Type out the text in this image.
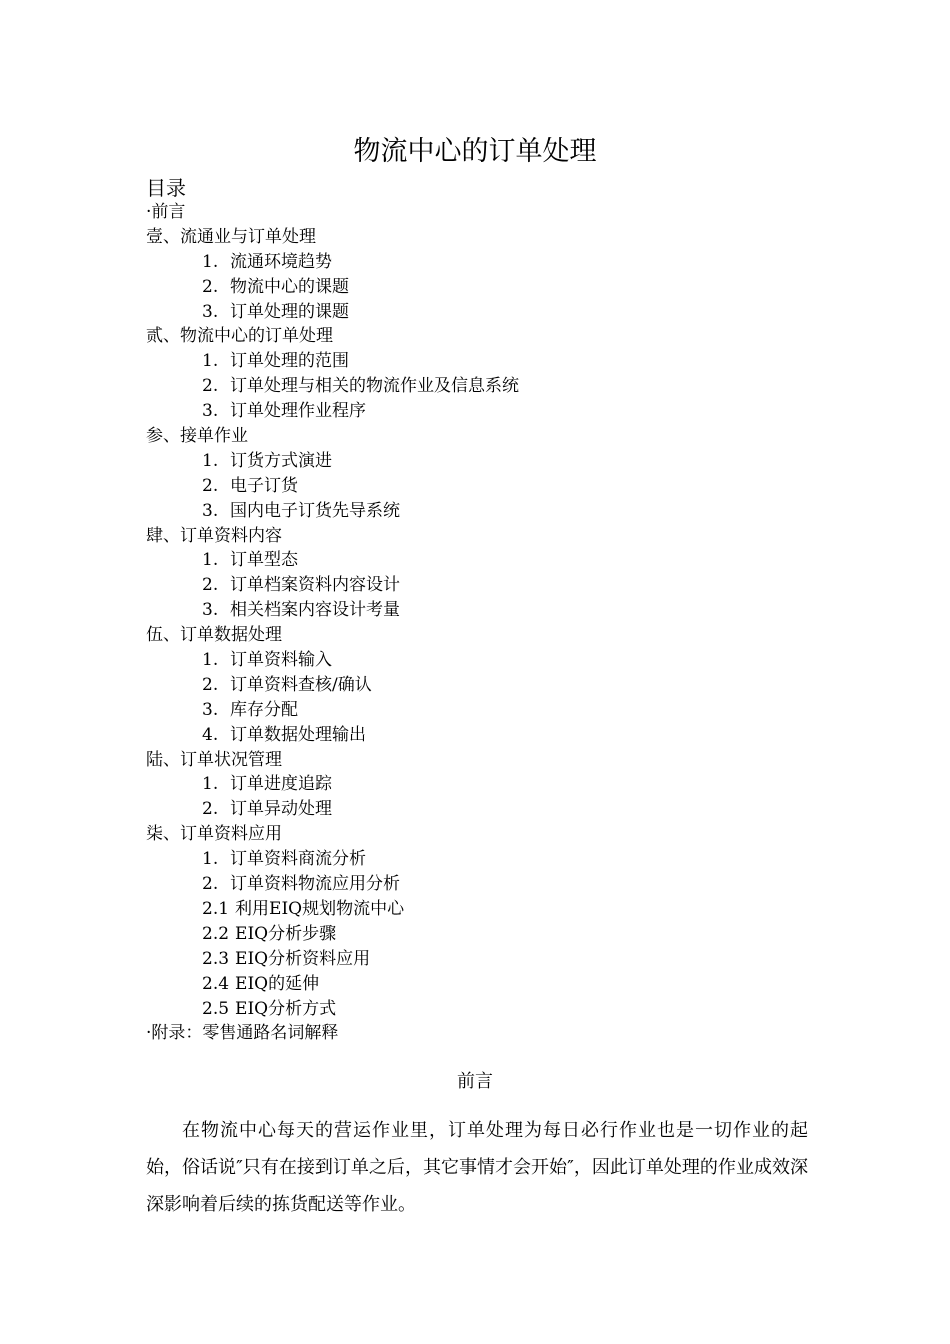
物流中心的订单处理
目录
·前言
壹、流通业与订单处理
1. 流通环境趋势
2. 物流中心的课题
3. 订单处理的课题
贰、物流中心的订单处理
1. 订单处理的范围
2. 订单处理与相关的物流作业及信息系统
3. 订单处理作业程序
参、接单作业
1. 订货方式演进
2. 电子订货
3. 国内电子订货先导系统
肆、订单资料内容
1. 订单型态
2. 订单档案资料内容设计
3. 相关档案内容设计考量
伍、订单数据处理
1. 订单资料输入
2. 订单资料查核/确认
3. 库存分配
4. 订单数据处理输出
陆、订单状况管理
1. 订单进度追踪
2. 订单异动处理
柒、订单资料应用
1. 订单资料商流分析
2. 订单资料物流应用分析
2.1 利用EIQ规划物流中心
2.2 EIQ分析步骤
2.3 EIQ分析资料应用
2.4 EIQ的延伸
2.5 EIQ分析方式
·附录：零售通路名词解释
前言
在物流中心每天的营运作业里，订单处理为每日必行作业也是一切作业的起始，俗话说″只有在接到订单之后，其它事情才会开始″，因此订单处理的作业成效深深影响着后续的拣货配送等作业。
